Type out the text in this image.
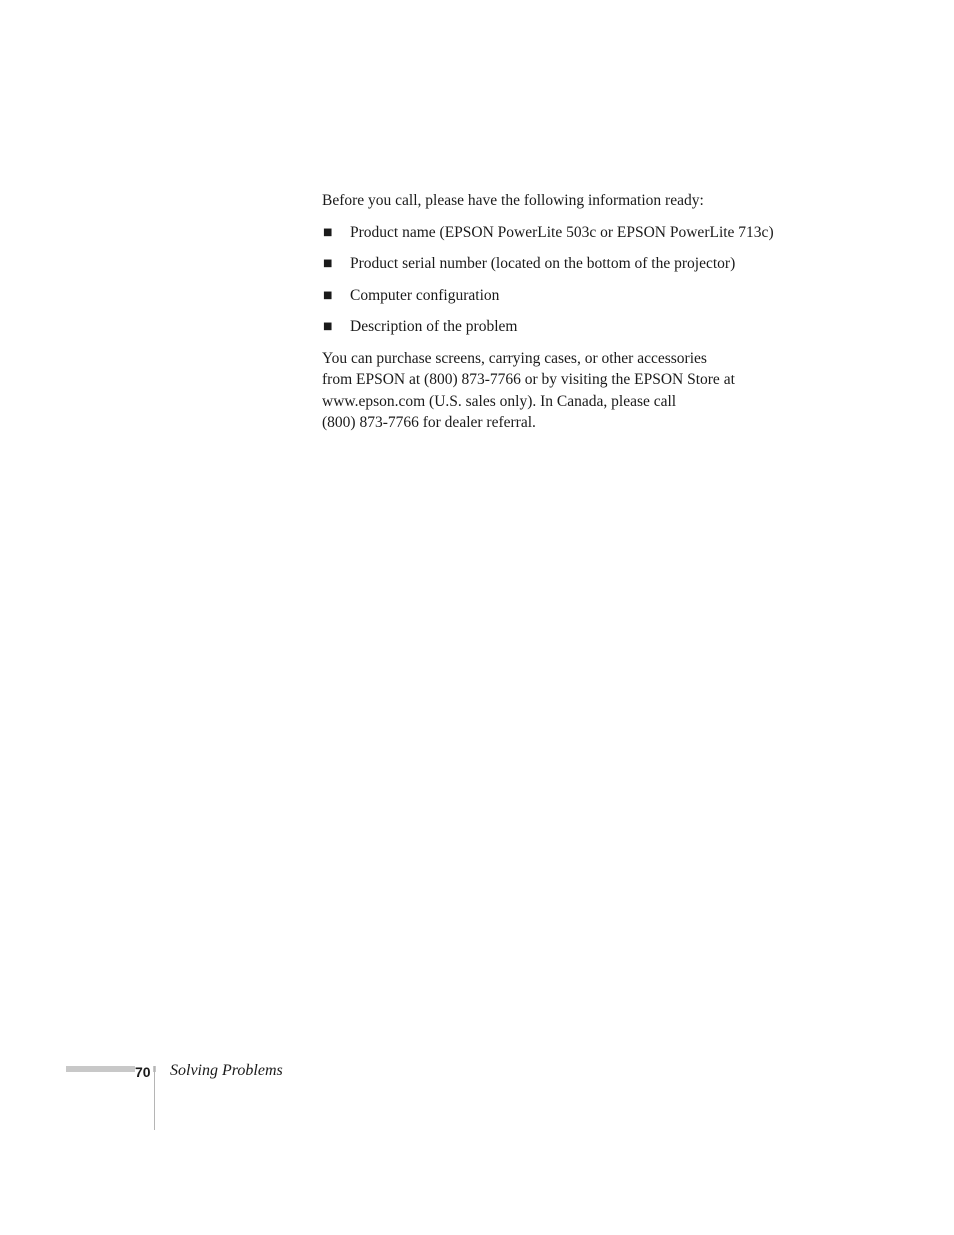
Before you call, please have the following information ready:

■ Product name (EPSON PowerLite 503c or EPSON PowerLite 713c)
■ Product serial number (located on the bottom of the projector)
■ Computer configuration
■ Description of the problem

You can purchase screens, carrying cases, or other accessories
from EPSON at (800) 873-7766 or by visiting the EPSON Store at
www.epson.com (U.S. sales only). In Canada, please call
(800) 873-7766 for dealer referral.

70 Solving Problems
